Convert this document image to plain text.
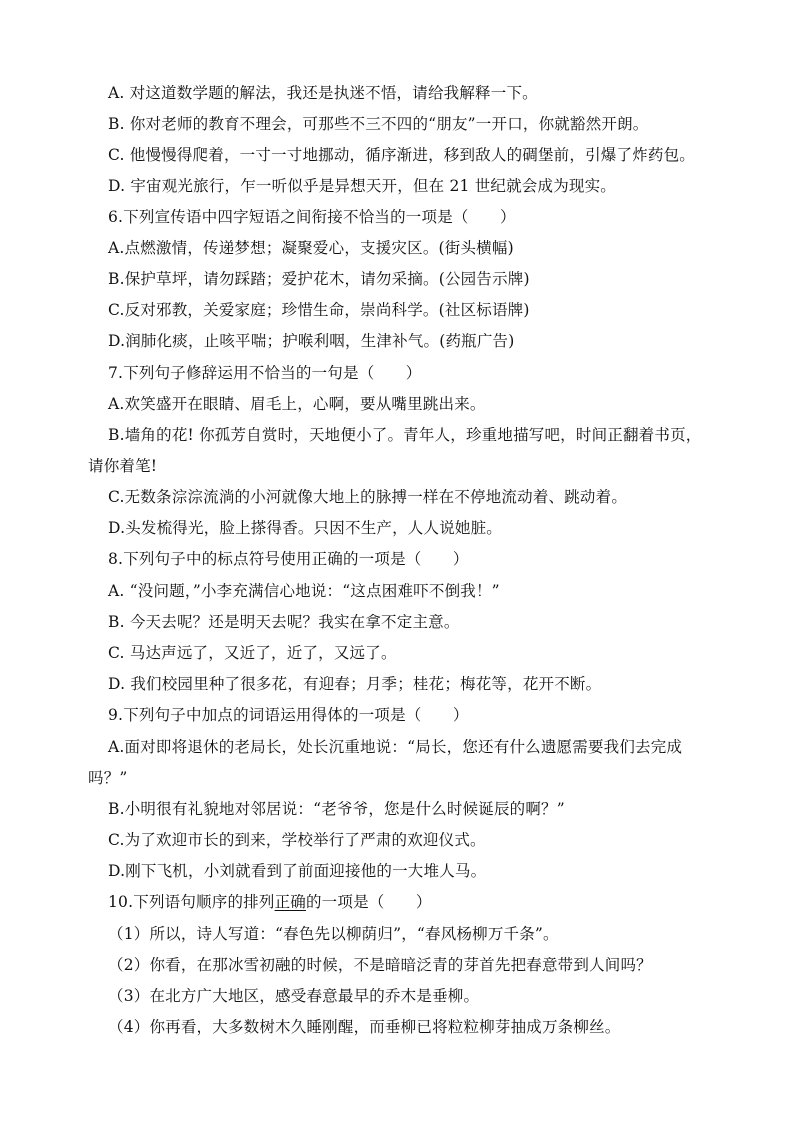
A. 对这道数学题的解法，我还是执迷不悟，请给我解释一下。
B. 你对老师的教育不理会，可那些不三不四的“朋友”一开口，你就豁然开朗。
C. 他慢慢得爬着，一寸一寸地挪动，循序渐进，移到敌人的碉堡前，引爆了炸药包。
D. 宇宙观光旅行，乍一听似乎是异想天开，但在 21 世纪就会成为现实。
6.下列宣传语中四字短语之间衔接不恰当的一项是（　　）
A.点燃激情，传递梦想；凝聚爱心，支援灾区。(街头横幅)
B.保护草坪，请勿踩踏；爱护花木，请勿采摘。(公园告示牌)
C.反对邪教，关爱家庭；珍惜生命，崇尚科学。(社区标语牌)
D.润肺化痰，止咳平喘；护喉利咽，生津补气。(药瓶广告)
7.下列句子修辞运用不恰当的一句是（　　）
A.欢笑盛开在眼睛、眉毛上，心啊，要从嘴里跳出来。
B.墙角的花! 你孤芳自赏时，天地便小了。青年人，珍重地描写吧，时间正翻着书页，
请你着笔!
C.无数条淙淙流淌的小河就像大地上的脉搏一样在不停地流动着、跳动着。
D.头发梳得光，脸上搽得香。只因不生产，人人说她脏。
8.下列句子中的标点符号使用正确的一项是（　　）
A. “没问题，”小李充满信心地说：“这点困难吓不倒我！”
B. 今天去呢？还是明天去呢？我实在拿不定主意。
C. 马达声远了，又近了，近了，又远了。
D. 我们校园里种了很多花，有迎春；月季；桂花；梅花等，花开不断。
9.下列句子中加点的词语运用得体的一项是（　　）
A.面对即将退休的老局长，处长沉重地说：“局长，您还有什么遗愿需要我们去完成
吗？”
B.小明很有礼貌地对邻居说：“老爷爷，您是什么时候诞辰的啊？”
C.为了欢迎市长的到来，学校举行了严肃的欢迎仪式。
D.刚下飞机，小刘就看到了前面迎接他的一大堆人马。
10.下列语句顺序的排列正确的一项是（　　）
（1）所以，诗人写道：“春色先以柳荫归”，“春风杨柳万千条”。
（2）你看，在那冰雪初融的时候，不是暗暗泛青的芽首先把春意带到人间吗？
（3）在北方广大地区，感受春意最早的乔木是垂柳。
（4）你再看，大多数树木久睡刚醒，而垂柳已将粒粒柳芽抽成万条柳丝。
